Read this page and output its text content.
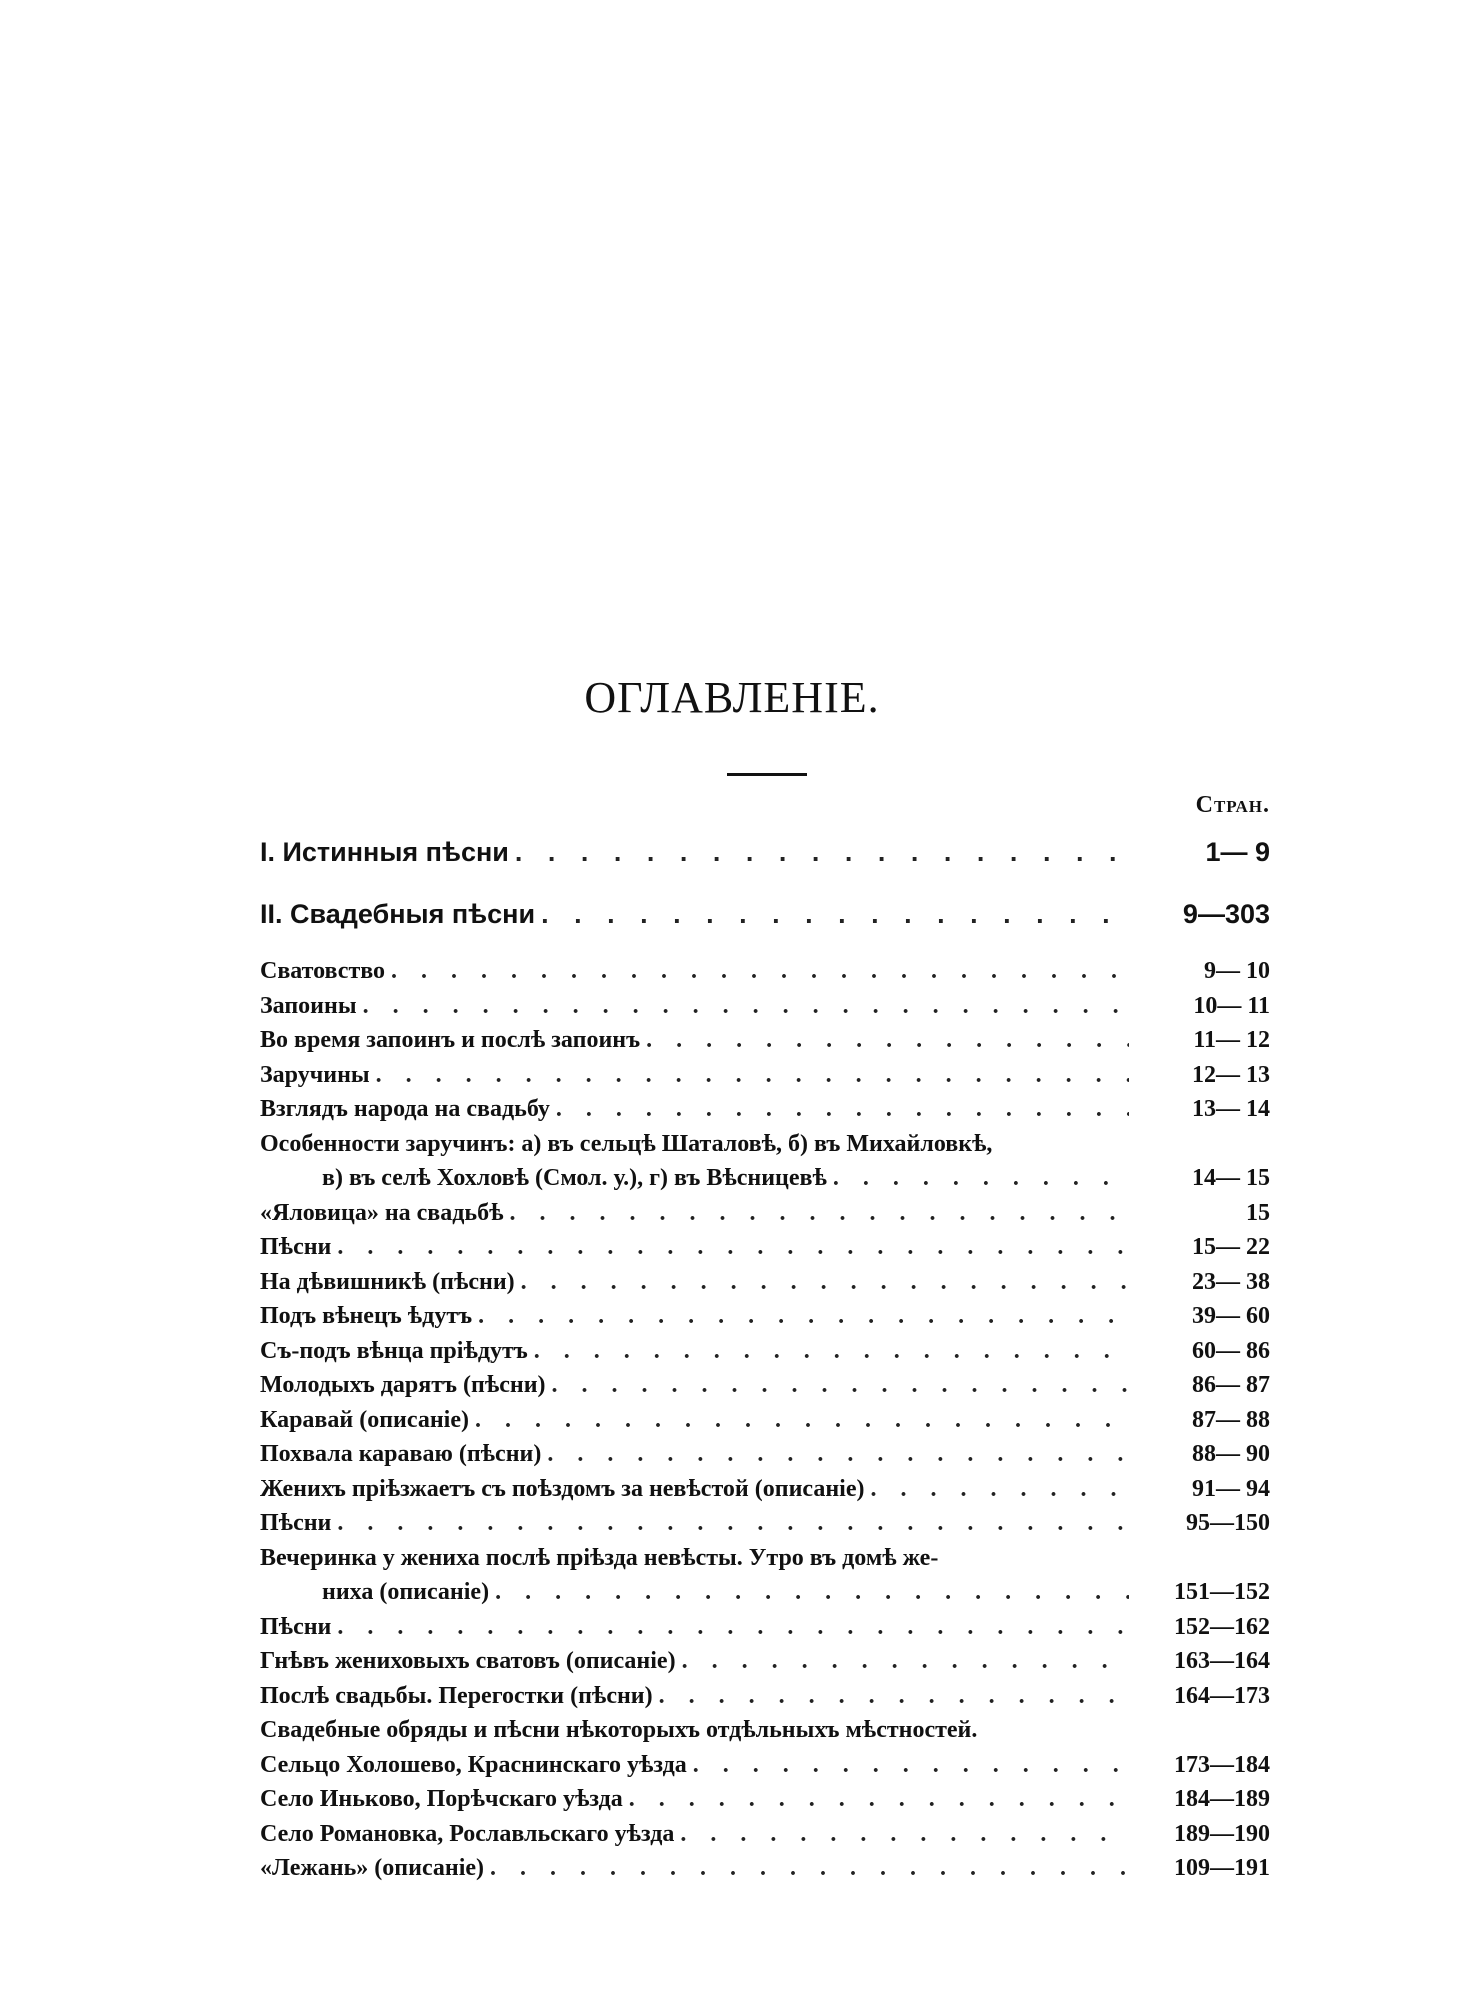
ОГЛАВЛЕНІЕ.
Стран.
I. Истинныя пѣсни . . .	1— 9
II. Свадебныя пѣсни . . .	9—303
Сватовство . . .	9— 10
Запоины . . .	10— 11
Во время запоинъ и послѣ запоинъ . . .	11— 12
Заручины . . .	12— 13
Взглядъ народа на свадьбу . . .	13— 14
Особенности заручинъ: а) въ сельцѣ Шаталовѣ, б) въ Михайловкѣ,
в) въ селѣ Хохловѣ (Смол. у.), г) въ Вѣсницевѣ . . .	14— 15
«Яловица» на свадьбѣ . . .	15
Пѣсни . . .	15— 22
На дѣвишникѣ (пѣсни) . . .	23— 38
Подъ вѣнецъ ѣдутъ . . .	39— 60
Съ-подъ вѣнца пріѣдутъ . . .	60— 86
Молодыхъ дарятъ (пѣсни) . . .	86— 87
Каравай (описаніе) . . .	87— 88
Похвала караваю (пѣсни) . . .	88— 90
Женихъ пріѣзжаетъ съ поѣздомъ за невѣстой (описаніе) . . .	91— 94
Пѣсни . . .	95—150
Вечеринка у жениха послѣ пріѣзда невѣсты. Утро въ домѣ же-
ниха (описаніе) . . .	151—152
Пѣсни . . .	152—162
Гнѣвъ жениховыхъ сватовъ (описаніе) . . .	163—164
Послѣ свадьбы. Перегостки (пѣсни) . . .	164—173
Свадебные обряды и пѣсни нѣкоторыхъ отдѣльныхъ мѣстностей.
Сельцо Холошево, Краснинскаго уѣзда . . .	173—184
Село Иньково, Порѣчскаго уѣзда . . .	184—189
Село Романовка, Рославльскаго уѣзда . . .	189—190
«Лежань» (описаніе) . . .	109—191
